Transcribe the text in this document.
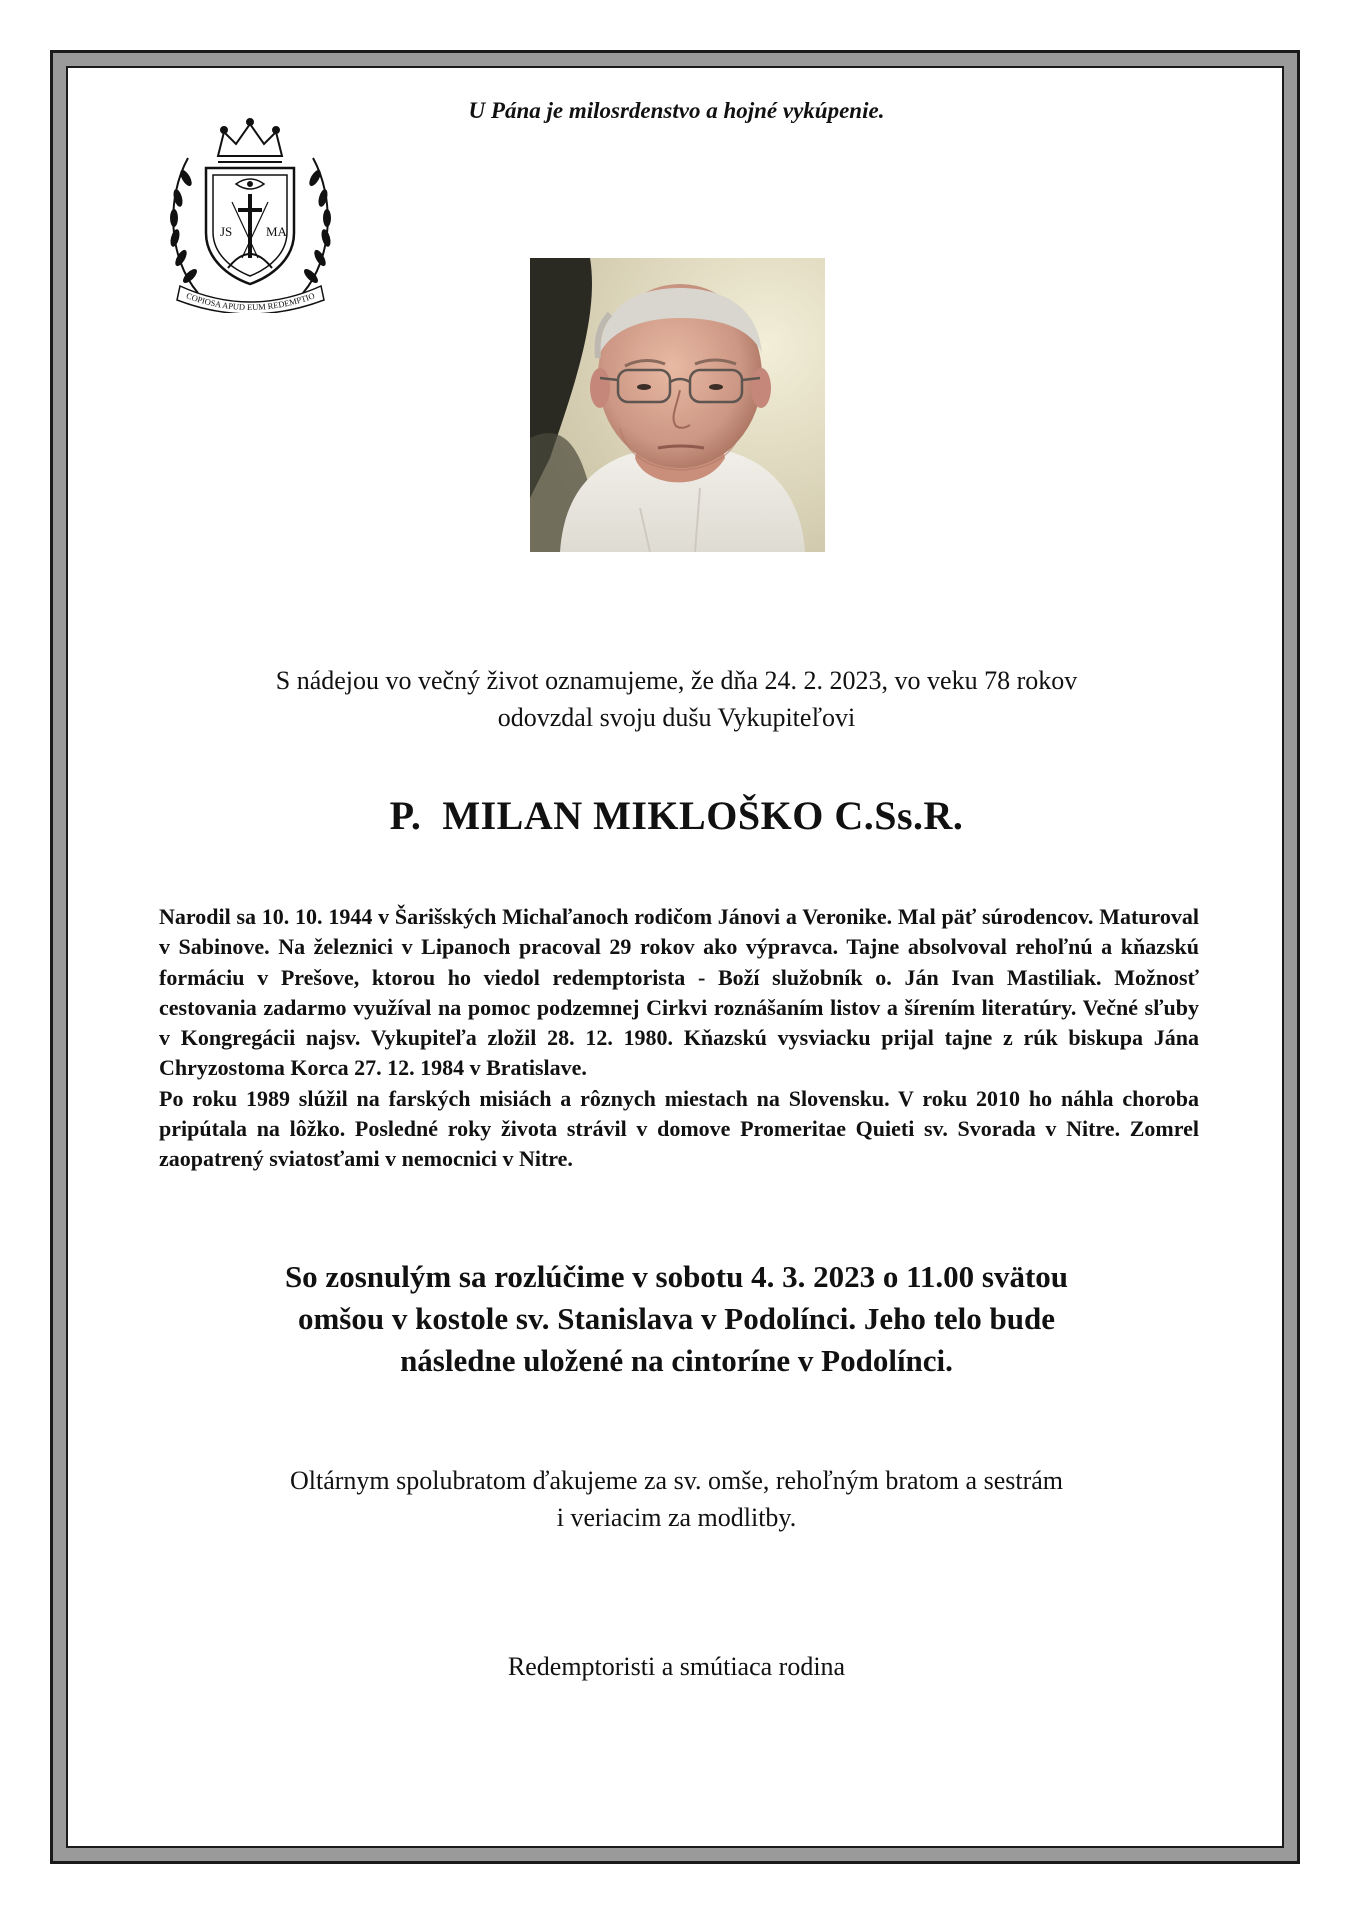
U Pána je milosrdenstvo a hojné vykúpenie.
JS	MA
COPIOSA APUD EUM REDEMPTIO
S nádejou vo večný život oznamujeme, že dňa 24. 2. 2023, vo veku 78 rokov
odovzdal svoju dušu Vykupiteľovi
P.  MILAN MIKLOŠKO C.Ss.R.

Narodil sa 10. 10. 1944 v Šarišských Michaľanoch rodičom Jánovi a Veronike. Mal päť súrodencov. Maturoval v Sabinove. Na železnici v Lipanoch pracoval 29 rokov ako výpravca. Tajne absolvoval rehoľnú a kňazskú formáciu v Prešove, ktorou ho viedol redemptorista - Boží služobník o. Ján Ivan Mastiliak. Možnosť cestovania zadarmo využíval na pomoc podzemnej Cirkvi roznášaním listov a šírením literatúry. Večné sľuby v Kongregácii najsv. Vykupiteľa zložil 28. 12. 1980. Kňazskú vysviacku prijal tajne z rúk biskupa Jána Chryzostoma Korca 27. 12. 1984 v Bratislave.

Po roku 1989 slúžil na farských misiách a rôznych miestach na Slovensku. V roku 2010 ho náhla choroba pripútala na lôžko. Posledné roky života strávil v domove Promeritae Quieti sv. Svorada v Nitre. Zomrel zaopatrený sviatosťami v nemocnici v Nitre.

So zosnulým sa rozlúčime v sobotu 4. 3. 2023 o 11.00 svätou
omšou v kostole sv. Stanislava v Podolínci. Jeho telo bude
následne uložené na cintoríne v Podolínci.
Oltárnym spolubratom ďakujeme za sv. omše, rehoľným bratom a sestrám
i veriacim za modlitby.
Redemptoristi a smútiaca rodina
